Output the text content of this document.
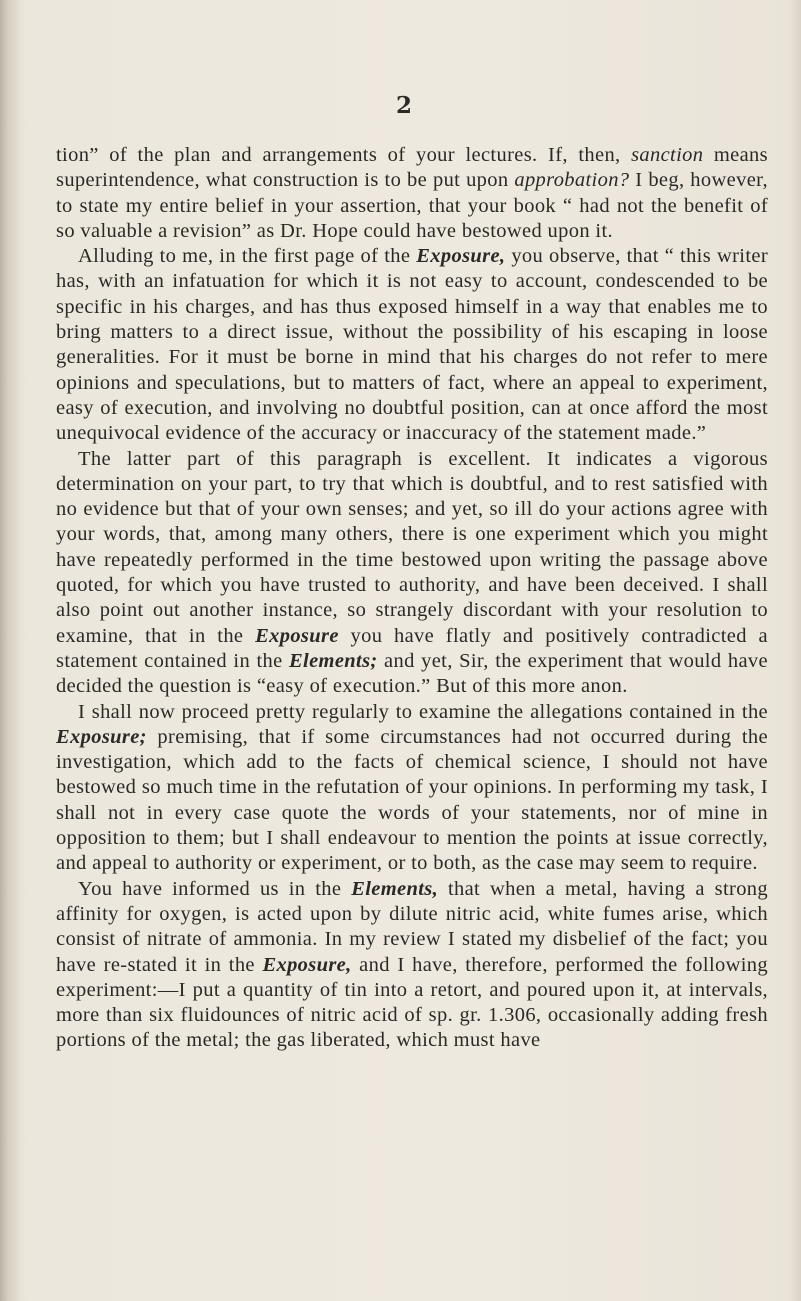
2

tion” of the plan and arrangements of your lectures. If, then, sanction means superintendence, what construction is to be put upon approbation? I beg, however, to state my entire belief in your assertion, that your book “ had not the benefit of so valuable a revision” as Dr. Hope could have bestowed upon it.

Alluding to me, in the first page of the Exposure, you observe, that “ this writer has, with an infatuation for which it is not easy to account, condescended to be specific in his charges, and has thus exposed himself in a way that enables me to bring matters to a direct issue, without the possibility of his escaping in loose generalities. For it must be borne in mind that his charges do not refer to mere opinions and speculations, but to matters of fact, where an appeal to experiment, easy of execution, and involving no doubtful position, can at once afford the most unequivocal evidence of the accuracy or inaccuracy of the statement made.”

The latter part of this paragraph is excellent. It indicates a vigorous determination on your part, to try that which is doubtful, and to rest satisfied with no evidence but that of your own senses; and yet, so ill do your actions agree with your words, that, among many others, there is one experiment which you might have repeatedly performed in the time bestowed upon writing the passage above quoted, for which you have trusted to authority, and have been deceived. I shall also point out another instance, so strangely discordant with your resolution to examine, that in the Exposure you have flatly and positively contradicted a statement contained in the Elements; and yet, Sir, the experiment that would have decided the question is “easy of execution.” But of this more anon.

I shall now proceed pretty regularly to examine the allegations contained in the Exposure; premising, that if some circumstances had not occurred during the investigation, which add to the facts of chemical science, I should not have bestowed so much time in the refutation of your opinions. In performing my task, I shall not in every case quote the words of your statements, nor of mine in opposition to them; but I shall endeavour to mention the points at issue correctly, and appeal to authority or experiment, or to both, as the case may seem to require.

You have informed us in the Elements, that when a metal, having a strong affinity for oxygen, is acted upon by dilute nitric acid, white fumes arise, which consist of nitrate of ammonia. In my review I stated my disbelief of the fact; you have re-stated it in the Exposure, and I have, therefore, performed the following experiment:—I put a quantity of tin into a retort, and poured upon it, at intervals, more than six fluidounces of nitric acid of sp. gr. 1.306, occasionally adding fresh portions of the metal; the gas liberated, which must have
